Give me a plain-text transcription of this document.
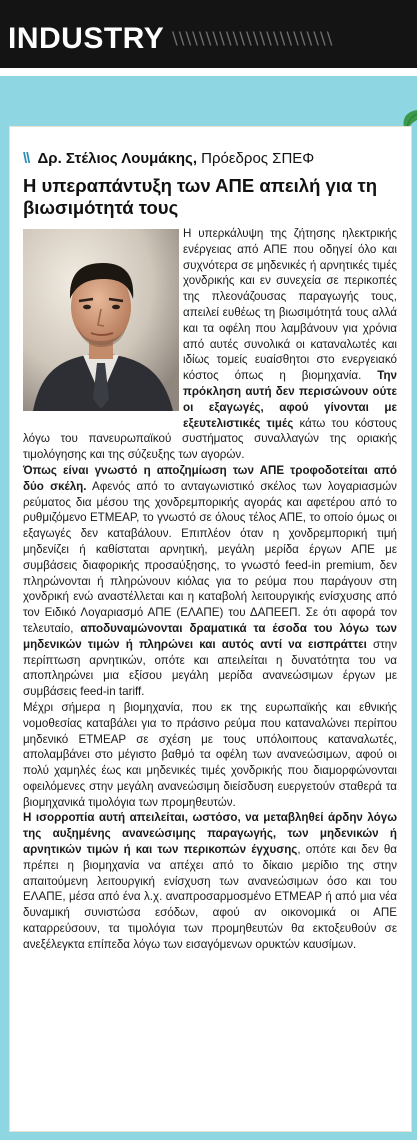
INDUSTRY \\\\\\\\\\\\\\\\\\\\\\\\
\\ Δρ. Στέλιος Λουμάκης, Πρόεδρος ΣΠΕΦ
Η υπεραπάντυξη των ΑΠΕ απειλή για τη βιωσιμότητά τους

Η υπερκάλυψη της ζήτησης ηλεκτρικής ενέργειας από ΑΠΕ που οδηγεί όλο και συχνότερα σε μηδενικές ή αρνητικές τιμές χονδρικής και εν συνεχεία σε περικοπές της πλεονάζουσας παραγωγής τους, απειλεί ευθέως τη βιωσιμότητά τους αλλά και τα οφέλη που λαμβάνουν για χρόνια από αυτές συνολικά οι καταναλωτές και ιδίως τομείς ευαίσθητοι στο ενεργειακό κόστος όπως η βιομηχανία. Την πρόκληση αυτή δεν περισώνουν ούτε οι εξαγωγές, αφού γίνονται με εξευτελιστικές τιμές κάτω του κόστους λόγω του πανευρωπαϊκού συστήματος συναλλαγών της οριακής τιμολόγησης και της σύζευξης των αγορών.

Όπως είναι γνωστό η αποζημίωση των ΑΠΕ τροφοδοτείται από δύο σκέλη. Αφενός από το ανταγωνιστικό σκέλος των λογαριασμών ρεύματος δια μέσου της χονδρεμπορικής αγοράς και αφετέρου από το ρυθμιζόμενο ΕΤΜΕΑΡ, το γνωστό σε όλους τέλος ΑΠΕ, το οποίο όμως οι εξαγωγές δεν καταβάλουν. Επιπλέον όταν η χονδρεμπορική τιμή μηδενίζει ή καθίσταται αρνητική, μεγάλη μερίδα έργων ΑΠΕ με συμβάσεις διαφορικής προσαύξησης, το γνωστό feed-in premium, δεν πληρώνονται ή πληρώνουν κιόλας για το ρεύμα που παράγουν στη χονδρική ενώ αναστέλλεται και η καταβολή λειτουργικής ενίσχυσης από τον Ειδικό Λογαριασμό ΑΠΕ (ΕΛΑΠΕ) του ΔΑΠΕΕΠ. Σε ότι αφορά τον τελευταίο, αποδυναμώνονται δραματικά τα έσοδα του λόγω των μηδενικών τιμών ή πληρώνει και αυτός αντί να εισπράττει στην περίπτωση αρνητικών, οπότε και απειλείται η δυνατότητα του να αποπληρώνει μια εξίσου μεγάλη μερίδα ανανεώσιμων έργων με συμβάσεις feed-in tariff.

Μέχρι σήμερα η βιομηχανία, που εκ της ευρωπαϊκής και εθνικής νομοθεσίας καταβάλει για το πράσινο ρεύμα που καταναλώνει περίπου μηδενικό ΕΤΜΕΑΡ σε σχέση με τους υπόλοιπους καταναλωτές, απολαμβάνει στο μέγιστο βαθμό τα οφέλη των ανανεώσιμων, αφού οι πολύ χαμηλές έως και μηδενικές τιμές χονδρικής που διαμορφώνονται οφειλόμενες στην μεγάλη ανανεώσιμη διείσδυση ευεργετούν σταθερά τα βιομηχανικά τιμολόγια των προμηθευτών.

Η ισορροπία αυτή απειλείται, ωστόσο, να μεταβληθεί άρδην λόγω της αυξημένης ανανεώσιμης παραγωγής, των μηδενικών ή αρνητικών τιμών ή και των περικοπών έγχυσης, οπότε και δεν θα πρέπει η βιομηχανία να απέχει από το δίκαιο μερίδιο της στην απαιτούμενη λειτουργική ενίσχυση των ανανεώσιμων όσο και του ΕΛΑΠΕ, μέσα από ένα λ.χ. αναπροσαρμοσμένο ΕΤΜΕΑΡ ή από μια νέα δυναμική συνιστώσα εσόδων, αφού αν οικονομικά οι ΑΠΕ καταρρεύσουν, τα τιμολόγια των προμηθευτών θα εκτοξευθούν σε ανεξέλεγκτα επίπεδα λόγω των εισαγόμενων ορυκτών καυσίμων.
